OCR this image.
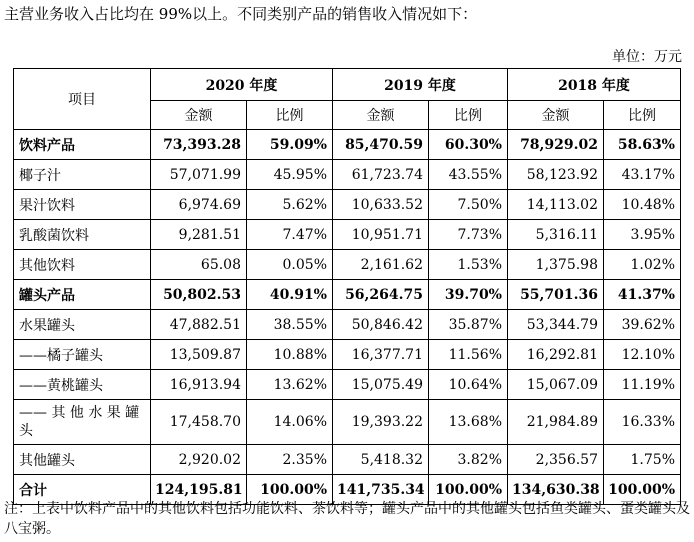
主营业务收入占比均在 99%以上。不同类别产品的销售收入情况如下：
单位：万元
项目	2020 年度		2019 年度		2018 年度	
	金额	比例	金额	比例	金额	比例
饮料产品	73,393.28	59.09%	85,470.59	60.30%	78,929.02	58.63%
椰子汁	57,071.99	45.95%	61,723.74	43.55%	58,123.92	43.17%
果汁饮料	6,974.69	5.62%	10,633.52	7.50%	14,113.02	10.48%
乳酸菌饮料	9,281.51	7.47%	10,951.71	7.73%	5,316.11	3.95%
其他饮料	65.08	0.05%	2,161.62	1.53%	1,375.98	1.02%
罐头产品	50,802.53	40.91%	56,264.75	39.70%	55,701.36	41.37%
水果罐头	47,882.51	38.55%	50,846.42	35.87%	53,344.79	39.62%
——橘子罐头	13,509.87	10.88%	16,377.71	11.56%	16,292.81	12.10%
——黄桃罐头	16,913.94	13.62%	15,075.49	10.64%	15,067.09	11.19%
—— 其 他 水 果 罐头	17,458.70	14.06%	19,393.22	13.68%	21,984.89	16.33%
其他罐头	2,920.02	2.35%	5,418.32	3.82%	2,356.57	1.75%
合计	124,195.81	100.00%	141,735.34	100.00%	134,630.38	100.00%
注：上表中饮料产品中的其他饮料包括功能饮料、茶饮料等；罐头产品中的其他罐头包括鱼类罐头、蛋类罐头及八宝粥。
